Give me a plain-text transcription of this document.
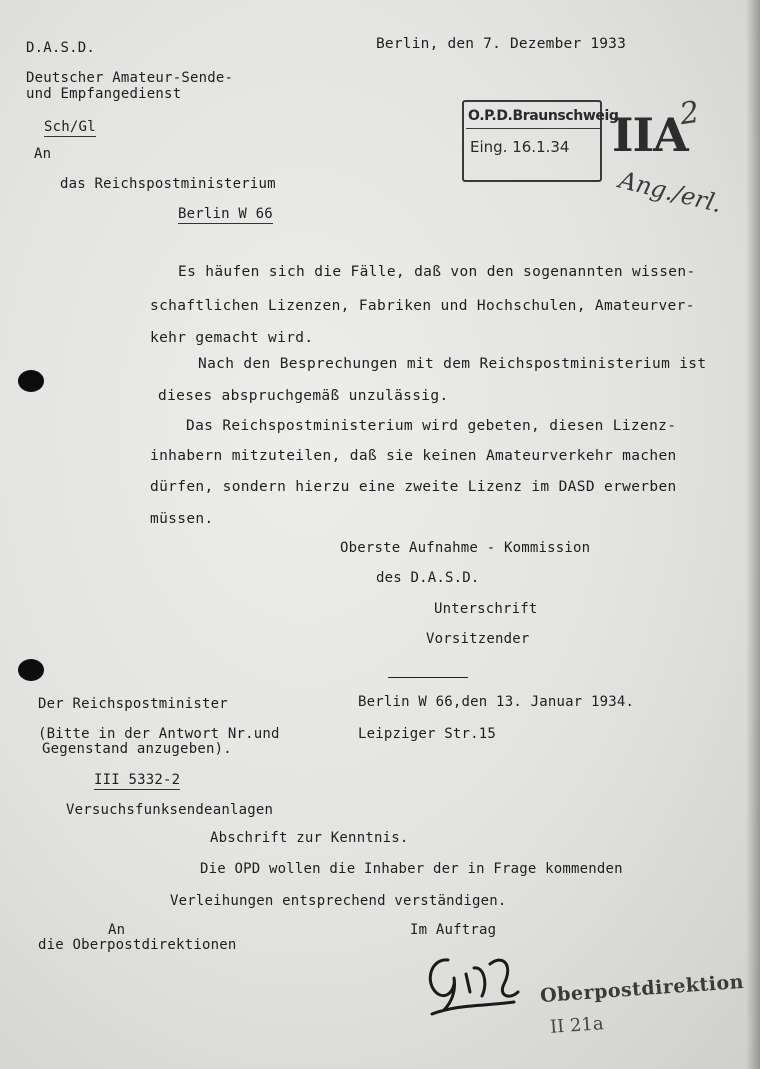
D.A.S.D.
Deutscher Amateur-Sende-
und Empfangedienst
Sch/Gl
Berlin, den 7. Dezember 1933
O.P.D.Braunschweig
Eing. 16.1.34 IIA
2
Ang./erl.
An
das Reichspostministerium
Berlin W 66
Es häufen sich die Fälle, daß von den sogenannten wissen-
schaftlichen Lizenzen, Fabriken und Hochschulen, Amateurver-
kehr gemacht wird.
Nach den Besprechungen mit dem Reichspostministerium ist
dieses abspruchgemäß unzulässig.
Das Reichspostministerium wird gebeten, diesen Lizenz-
inhabern mitzuteilen, daß sie keinen Amateurverkehr machen
dürfen, sondern hierzu eine zweite Lizenz im DASD erwerben
müssen.
Oberste Aufnahme - Kommission
des D.A.S.D.
Unterschrift
Vorsitzender
Der Reichspostminister
(Bitte in der Antwort Nr.und
Gegenstand anzugeben).
Berlin W 66,den 13. Januar 1934.
Leipziger Str.15
III 5332-2
Versuchsfunksendeanlagen
Abschrift zur Kenntnis.
Die OPD wollen die Inhaber der in Frage kommenden
Verleihungen entsprechend verständigen.
An
die Oberpostdirektionen
Im Auftrag
Oberpostdirektion
II 21a
